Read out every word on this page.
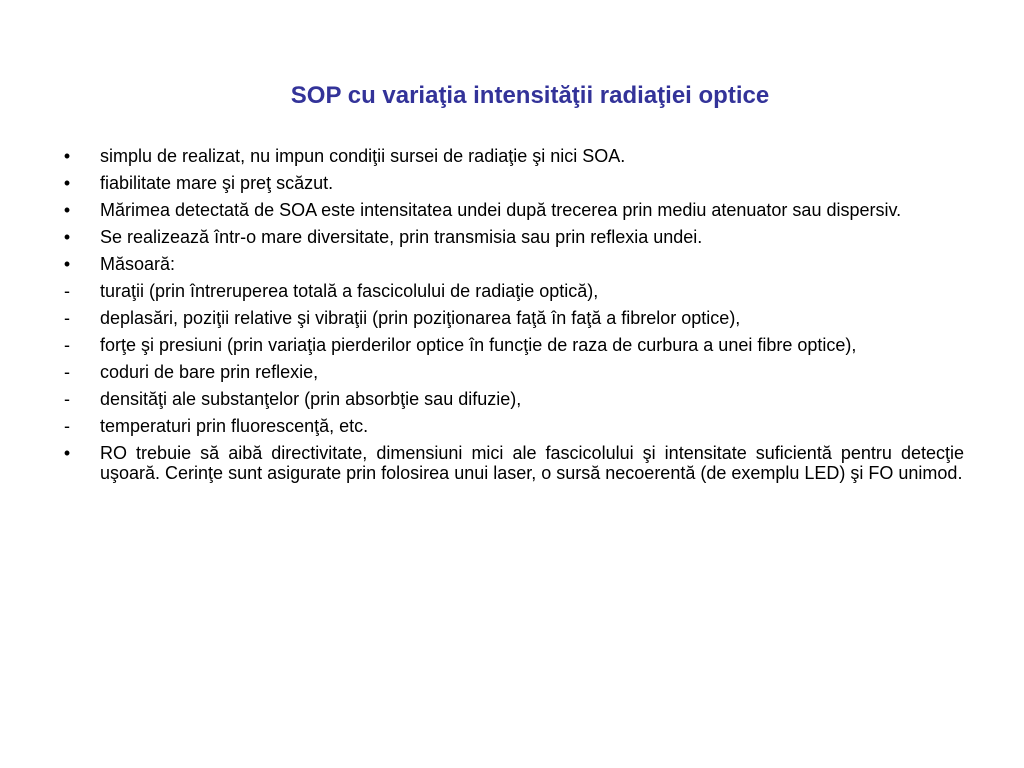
SOP cu variaţia intensităţii radiaţiei optice
• simplu de realizat, nu impun condiţii sursei de radiaţie şi nici SOA.
• fiabilitate mare şi preţ scăzut.
• Mărimea detectată de SOA este intensitatea undei după trecerea prin mediu atenuator sau dispersiv.
• Se realizează într-o mare diversitate, prin transmisia sau prin reflexia undei.
• Măsoară:
- turaţii (prin întreruperea totală a fascicolului de radiaţie optică),
- deplasări, poziţii relative şi vibraţii (prin poziţionarea faţă în faţă a fibrelor optice),
- forţe şi presiuni (prin variaţia pierderilor optice în funcţie de raza de curbura a unei fibre optice),
- coduri de bare prin reflexie,
- densităţi ale substanţelor (prin absorbţie sau difuzie),
- temperaturi prin fluorescenţă, etc.
• RO trebuie să aibă directivitate, dimensiuni mici ale fascicolului şi intensitate suficientă pentru detecţie uşoară. Cerinţe sunt asigurate prin folosirea unui laser, o sursă necoerentă (de exemplu LED) şi FO unimod.
